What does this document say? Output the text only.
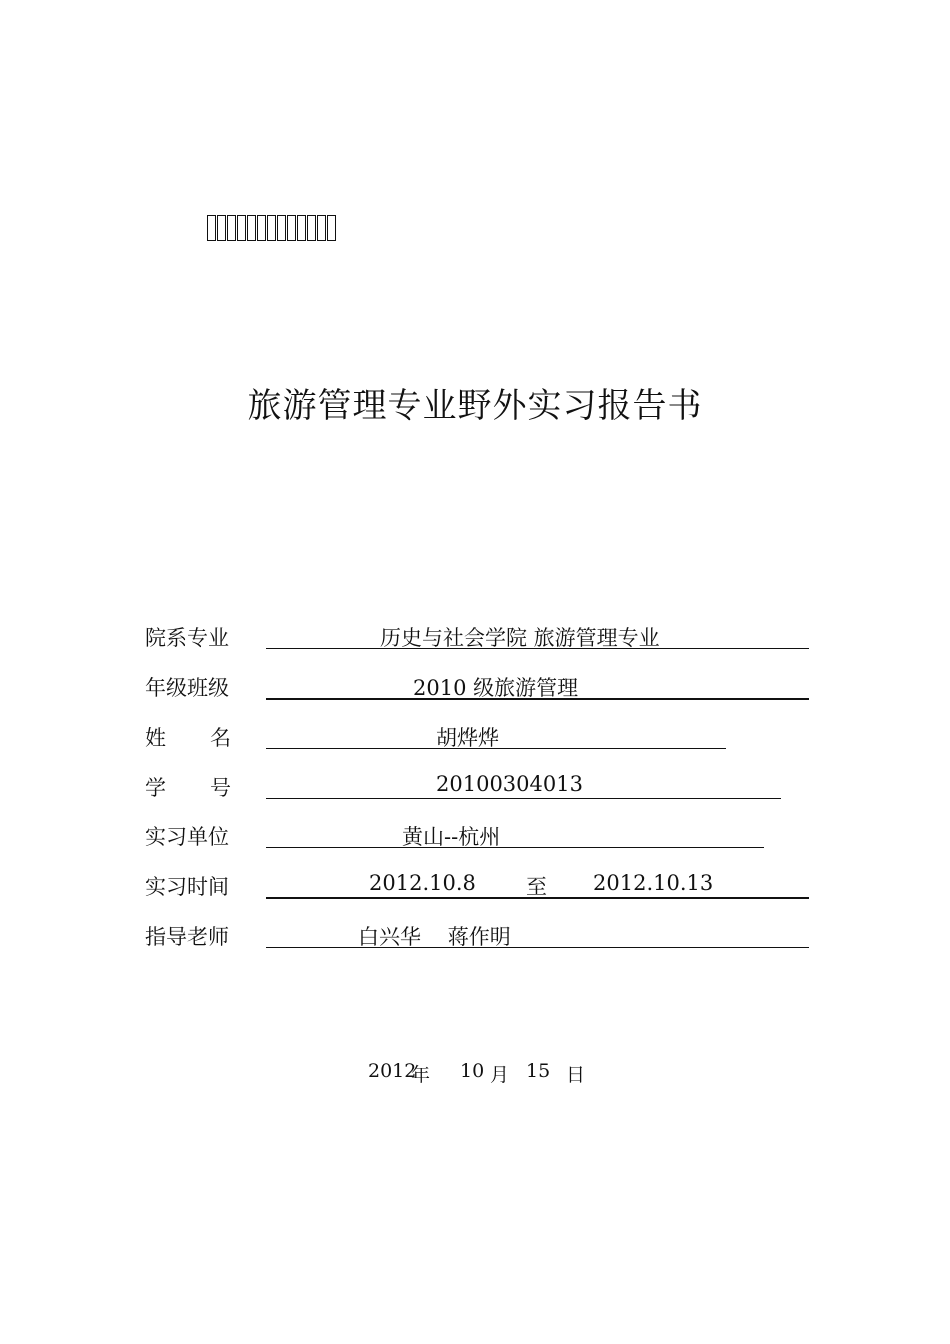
旅游管理专业野外实习报告书
院系专业	历史与社会学院 旅游管理专业
年级班级	2010 级旅游管理
姓 名	胡烨烨
学 号	20100304013
实习单位	黄山--杭州
实习时间	2012.10.8 至 2012.10.13
指导老师	白兴华    蒋作明
2012
年 10 月 15 日
